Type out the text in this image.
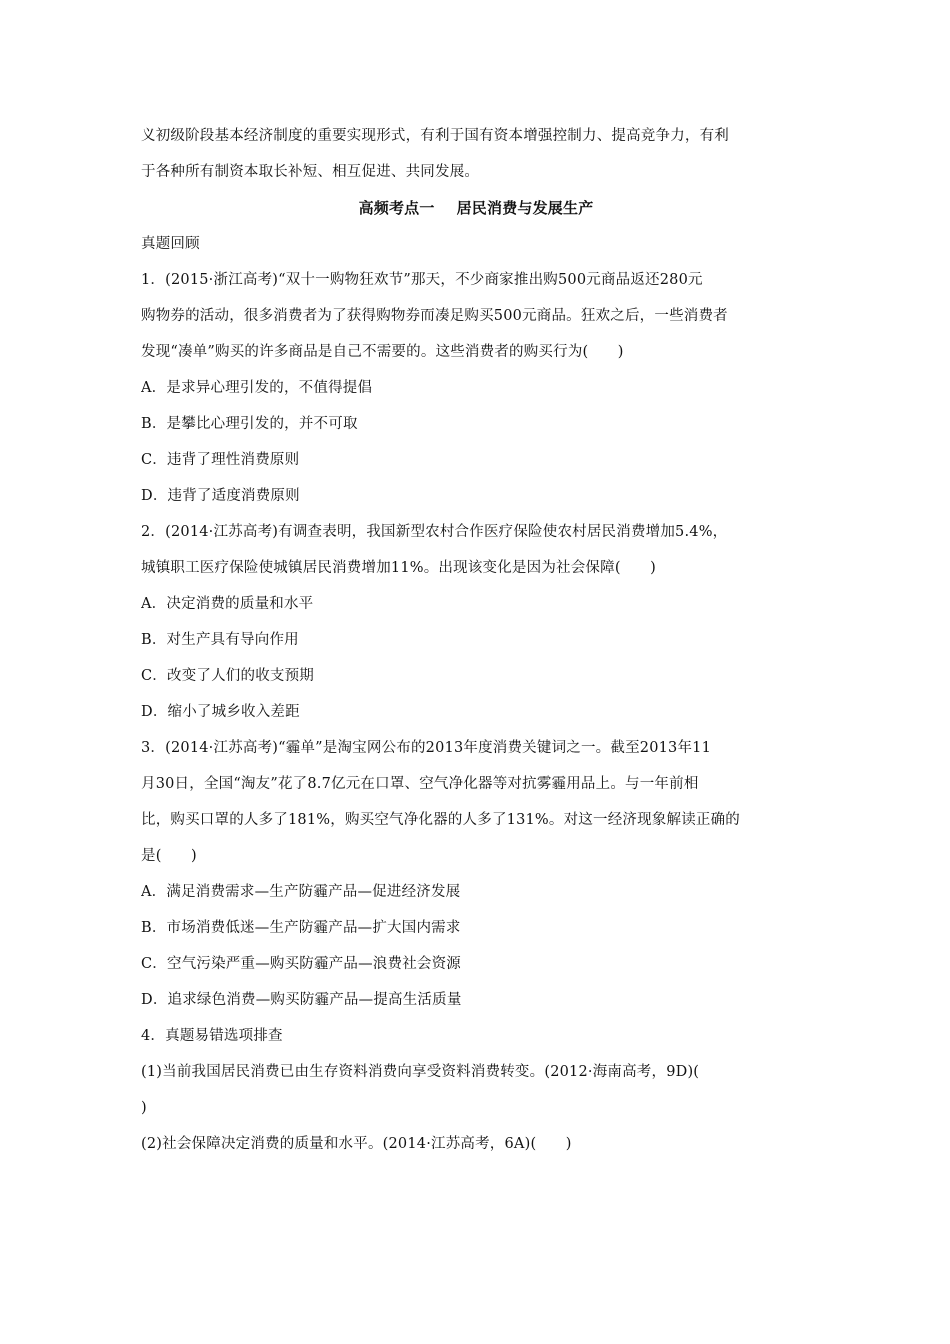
义初级阶段基本经济制度的重要实现形式，有利于国有资本增强控制力、提高竞争力，有利
于各种所有制资本取长补短、相互促进、共同发展。
高频考点一 居民消费与发展生产
真题回顾
1．(2015·浙江高考)“双十一购物狂欢节”那天，不少商家推出购500元商品返还280元
购物券的活动，很多消费者为了获得购物券而凑足购买500元商品。狂欢之后，一些消费者
发现“凑单”购买的许多商品是自己不需要的。这些消费者的购买行为(　　)
A．是求异心理引发的，不值得提倡
B．是攀比心理引发的，并不可取
C．违背了理性消费原则
D．违背了适度消费原则
2．(2014·江苏高考)有调查表明，我国新型农村合作医疗保险使农村居民消费增加5.4%，
城镇职工医疗保险使城镇居民消费增加11%。出现该变化是因为社会保障(　　)
A．决定消费的质量和水平
B．对生产具有导向作用
C．改变了人们的收支预期
D．缩小了城乡收入差距
3．(2014·江苏高考)“霾单”是淘宝网公布的2013年度消费关键词之一。截至2013年11
月30日，全国“淘友”花了8.7亿元在口罩、空气净化器等对抗雾霾用品上。与一年前相
比，购买口罩的人多了181%，购买空气净化器的人多了131%。对这一经济现象解读正确的
是(　　)
A．满足消费需求—生产防霾产品—促进经济发展
B．市场消费低迷—生产防霾产品—扩大国内需求
C．空气污染严重—购买防霾产品—浪费社会资源
D．追求绿色消费—购买防霾产品—提高生活质量
4．真题易错选项排查
(1)当前我国居民消费已由生存资料消费向享受资料消费转变。(2012·海南高考，9D)(
)
(2)社会保障决定消费的质量和水平。(2014·江苏高考，6A)(　　)
